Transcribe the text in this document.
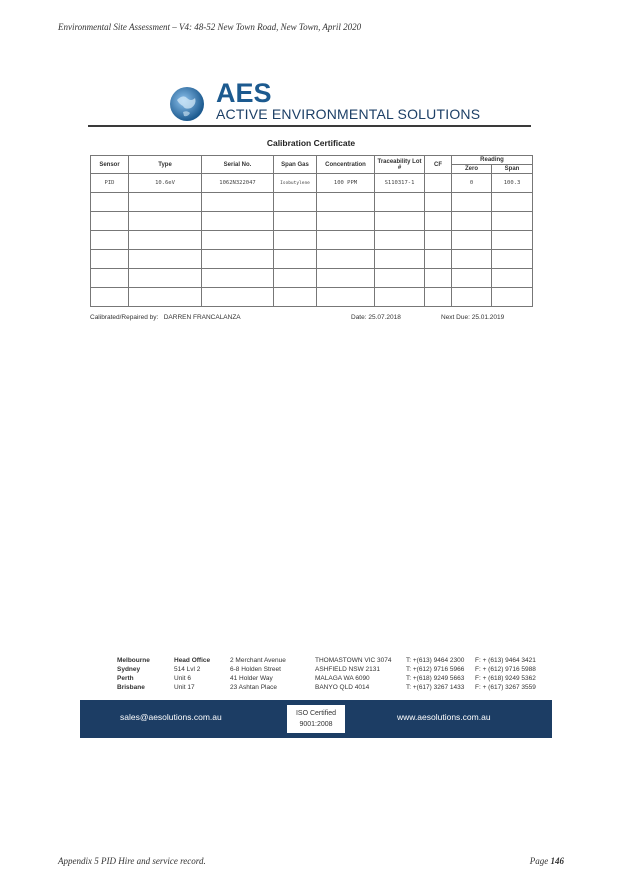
Environmental Site Assessment – V4: 48-52 New Town Road, New Town, April 2020
AES
ACTIVE ENVIRONMENTAL SOLUTIONS
Calibration Certificate
Sensor	Type	Serial No.	Span Gas	Concentration	Traceability Lot #	CF	Reading	
							Zero	Span
PID	10.6eV	1062N322047	Isobutylene	100 PPM	S110317-1		0	100.3

Calibrated/Repaired by: DARREN FRANCALANZA	Date: 25.07.2018	Next Due: 25.01.2019
Melbourne	Head Office	2 Merchant Avenue	THOMASTOWN VIC 3074 T: +(613) 9464 2300 F: + (613) 9464 3421
Sydney	514 Lvl 2	6-8 Holden Street	ASHFIELD NSW 2131	T: +(612) 9716 5966 F: + (612) 9716 5988
Perth	Unit 6	41 Holder Way	MALAGA WA 6090	T: +(618) 9249 5663 F: + (618) 9249 5362
Brisbane	Unit 17	23 Ashtan Place	BANYO QLD 4014	T: +(617) 3267 1433 F: + (617) 3267 3559
sales@aesolutions.com.au	ISO Certified
9001:2008
www.aesolutions.com.au
Appendix 5 PID Hire and service record.	Page 146
